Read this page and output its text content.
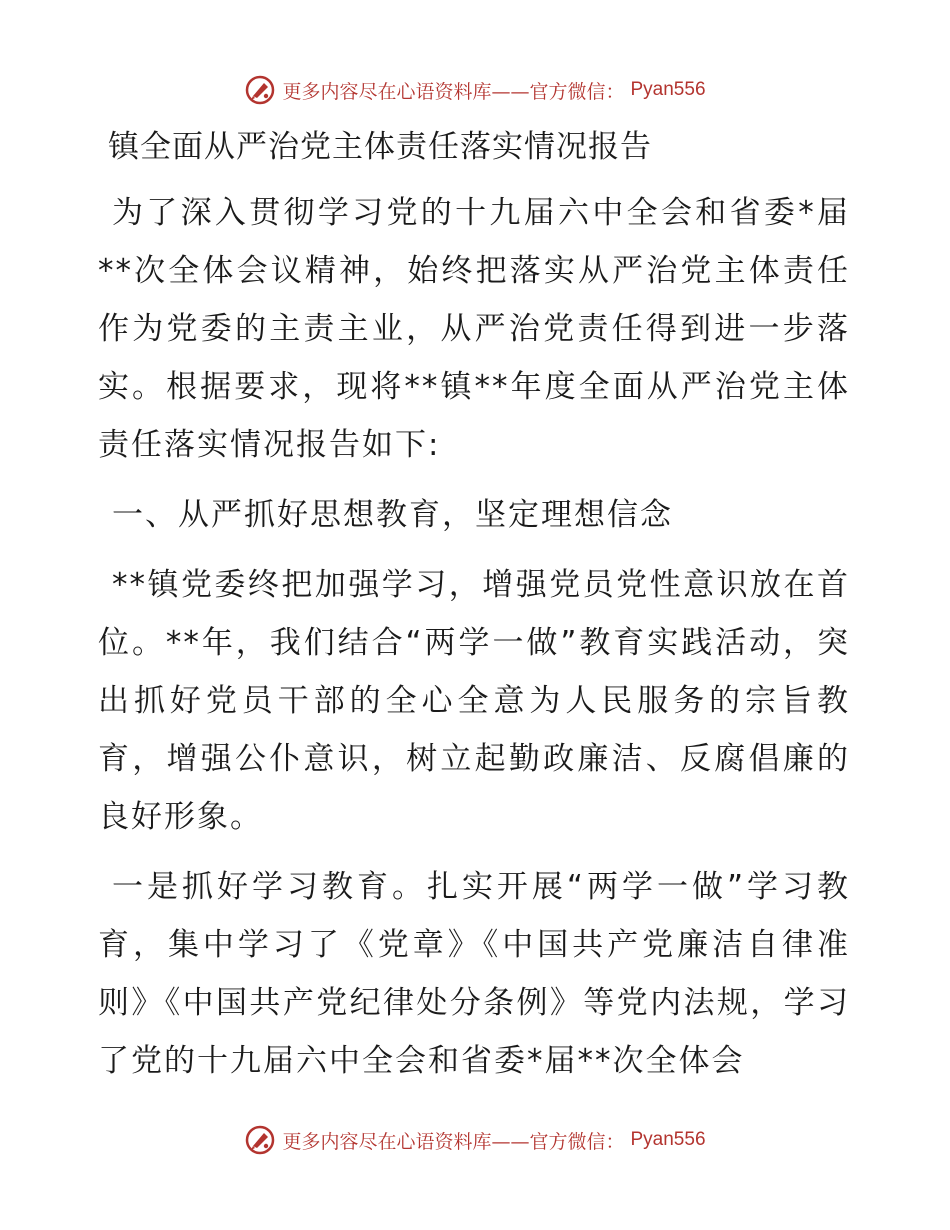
更多内容尽在心语资料库——官方微信： Pyan556
镇全面从严治党主体责任落实情况报告

为了深入贯彻学习党的十九届六中全会和省委*届**次全体会议精神，始终把落实从严治党主体责任作为党委的主责主业，从严治党责任得到进一步落实。根据要求，现将**镇**年度全面从严治党主体责任落实情况报告如下:

一、从严抓好思想教育，坚定理想信念

**镇党委终把加强学习，增强党员党性意识放在首位。**年，我们结合“两学一做”教育实践活动，突出抓好党员干部的全心全意为人民服务的宗旨教育，增强公仆意识，树立起勤政廉洁、反腐倡廉的良好形象。

一是抓好学习教育。扎实开展“两学一做”学习教育，集中学习了《党章》《中国共产党廉洁自律准则》《中国共产党纪律处分条例》等党内法规，学习了党的十九届六中全会和省委*届**次全体会

更多内容尽在心语资料库——官方微信： Pyan556
